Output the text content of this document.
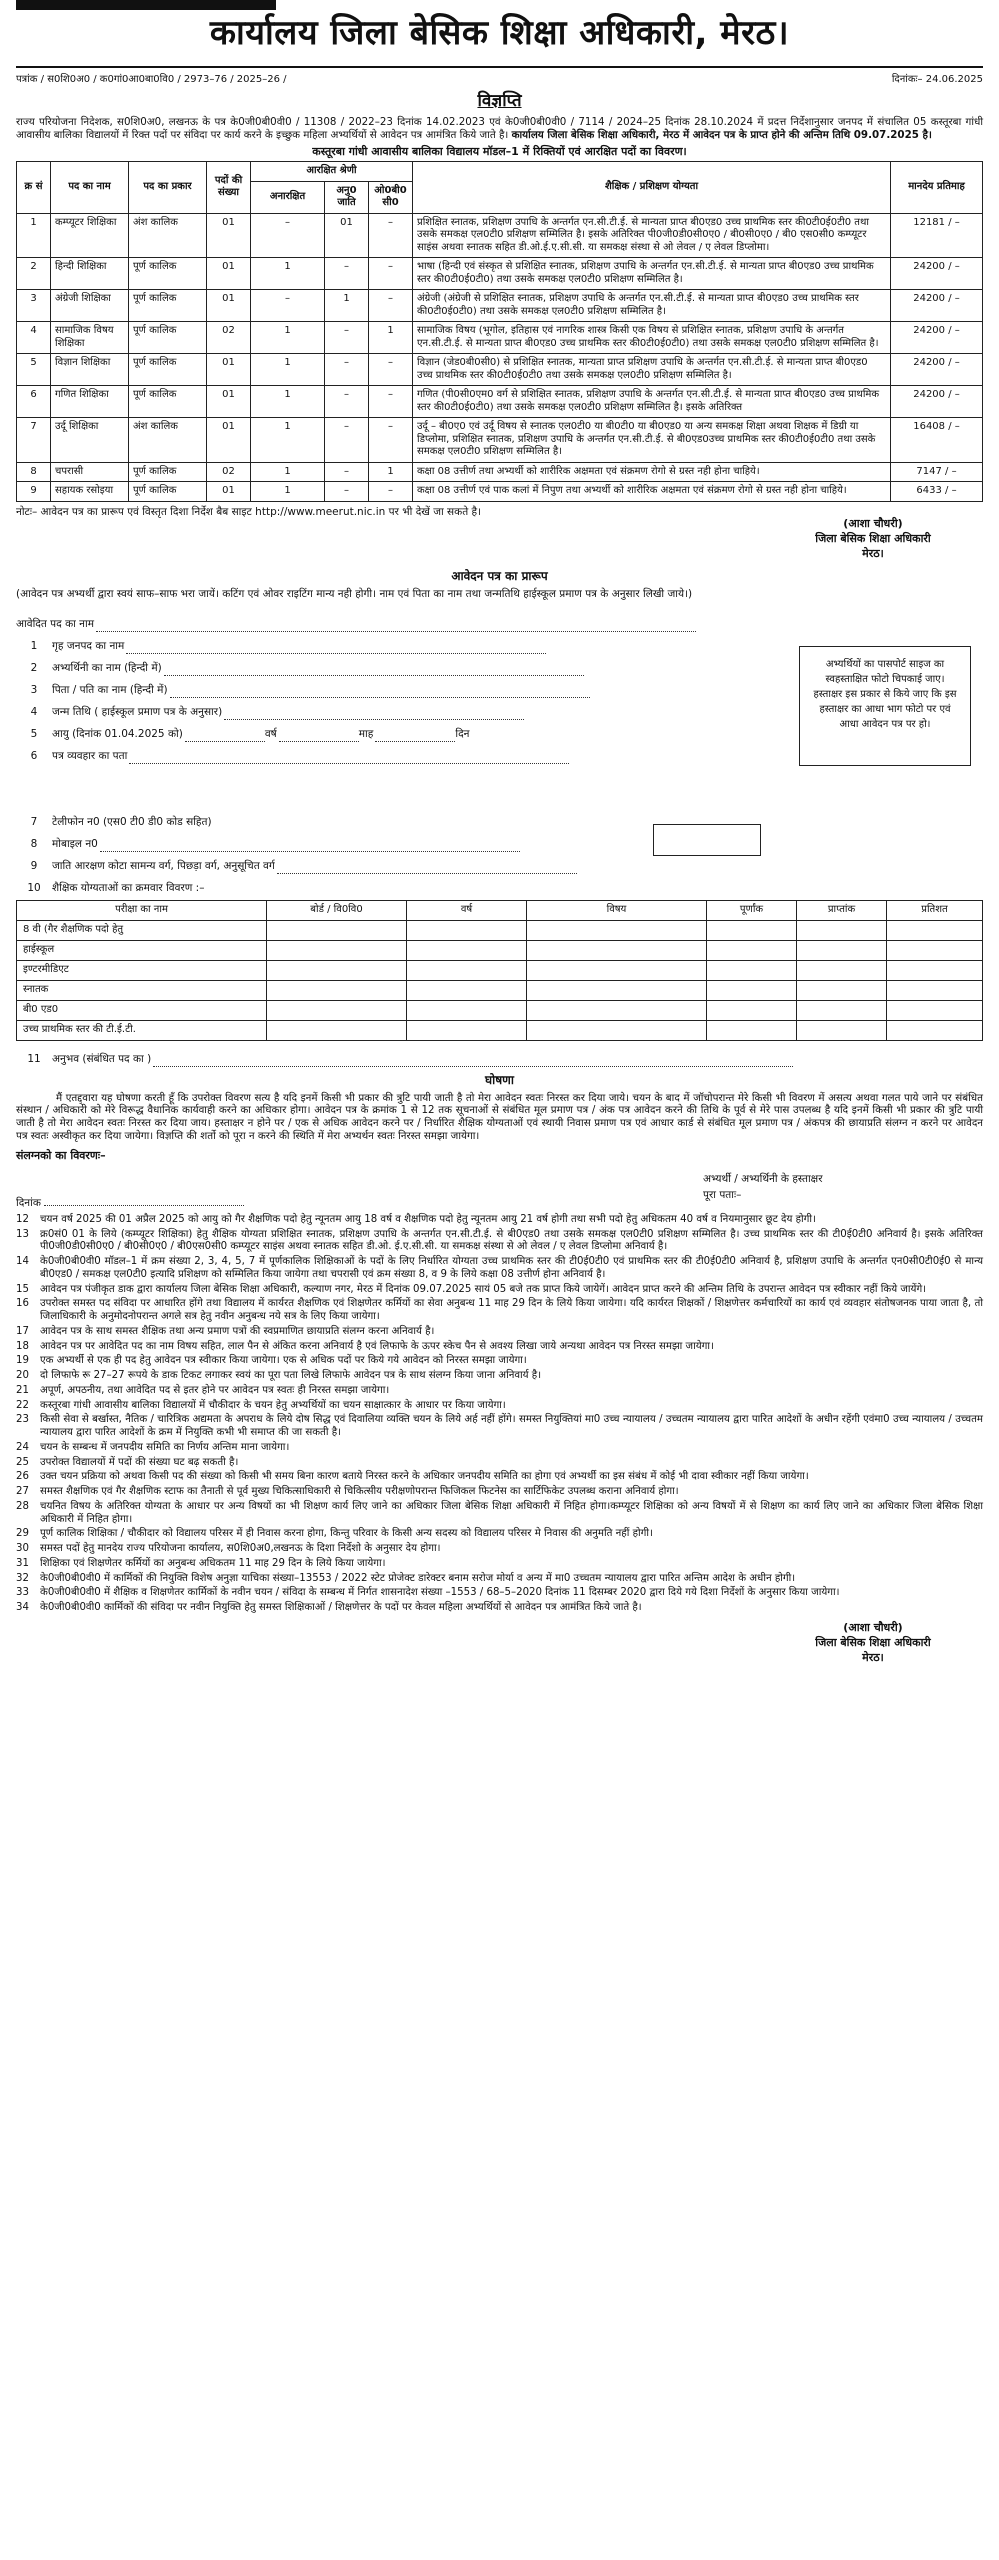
कार्यालय जिला बेसिक शिक्षा अधिकारी, मेरठ।
पत्रांक / स0शि0अ0 / क0गां0आ0बा0वि0 / 2973–76 / 2025–26 /	दिनांकः– 24.06.2025
विज्ञप्ति

राज्य परियोजना निदेशक, स0शि0अ0, लखनऊ के पत्र के0जी0बी0वी0 / 11308 / 2022–23 दिनांक 14.02.2023 एवं के0जी0बी0वी0 / 7114 / 2024–25 दिनांक 28.10.2024 में प्रदत्त निर्देशानुसार जनपद में संचालित 05 कस्तूरबा गांधी आवासीय बालिका विद्यालयों में रिक्त पदों पर संविदा पर कार्य करने के इच्छुक महिला अभ्यर्थियों से आवेदन पत्र आमंत्रित किये जाते है। कार्यालय जिला बेसिक शिक्षा अधिकारी, मेरठ में आवेदन पत्र के प्राप्त होने की अन्तिम तिथि 09.07.2025 है।

कस्तूरबा गांधी आवासीय बालिका विद्यालय मॉडल–1 में रिक्तियों एवं आरक्षित पदों का विवरण।
क्र सं	पद का नाम	पद का प्रकार	पदों की संख्या	आरक्षित श्रेणी			शैक्षिक / प्रशिक्षण योग्यता	मानदेय प्रतिमाह
				अनारक्षित	अनु0 जाति	ओ0बी0 सी0		
1	कम्प्यूटर शिक्षिका	अंश कालिक	01	–	01	–	प्रशिक्षित स्नातक, प्रशिक्षण उपाधि के अन्तर्गत एन.सी.टी.ई. से मान्यता प्राप्त बी0एड0 उच्च प्राथमिक स्तर की0टी0ई0टी0 तथा उसके समकक्ष एल0टी0 प्रशिक्षण सम्मिलित है। इसके अतिरिक्त पी0जी0डी0सी0ए0 / बी0सी0ए0 / बी0 एस0सी0 कम्प्यूटर साइंस अथवा स्नातक सहित डी.ओ.ई.ए.सी.सी. या समकक्ष संस्था से ओ लेवल / ए लेवल डिप्लोमा।	12181 / –
2	हिन्दी शिक्षिका	पूर्ण कालिक	01	1	–	–	भाषा (हिन्दी एवं संस्कृत से प्रशिक्षित स्नातक, प्रशिक्षण उपाधि के अन्तर्गत एन.सी.टी.ई. से मान्यता प्राप्त बी0एड0 उच्च प्राथमिक स्तर की0टी0ई0टी0) तथा उसके समकक्ष एल0टी0 प्रशिक्षण सम्मिलित है।	24200 / –
3	अंग्रेजी शिक्षिका	पूर्ण कालिक	01	–	1	–	अंग्रेजी (अंग्रेजी से प्रशिक्षित स्नातक, प्रशिक्षण उपाधि के अन्तर्गत एन.सी.टी.ई. से मान्यता प्राप्त बी0एड0 उच्च प्राथमिक स्तर की0टी0ई0टी0) तथा उसके समकक्ष एल0टी0 प्रशिक्षण सम्मिलित है।	24200 / –
4	सामाजिक विषय शिक्षिका	पूर्ण कालिक	02	1	–	1	सामाजिक विषय (भूगोल, इतिहास एवं नागरिक शास्त्र किसी एक विषय से प्रशिक्षित स्नातक, प्रशिक्षण उपाधि के अन्तर्गत एन.सी.टी.ई. से मान्यता प्राप्त बी0एड0 उच्च प्राथमिक स्तर की0टी0ई0टी0) तथा उसके समकक्ष एल0टी0 प्रशिक्षण सम्मिलित है।	24200 / –
5	विज्ञान शिक्षिका	पूर्ण कालिक	01	1	–	–	विज्ञान (जेड0बी0सी0) से प्रशिक्षित स्नातक, मान्यता प्राप्त प्रशिक्षण उपाधि के अन्तर्गत एन.सी.टी.ई. से मान्यता प्राप्त बी0एड0 उच्च प्राथमिक स्तर की0टी0ई0टी0 तथा उसके समकक्ष एल0टी0 प्रशिक्षण सम्मिलित है।	24200 / –
6	गणित शिक्षिका	पूर्ण कालिक	01	1	–	–	गणित (पी0सी0एम0 वर्ग से प्रशिक्षित स्नातक, प्रशिक्षण उपाधि के अन्तर्गत एन.सी.टी.ई. से मान्यता प्राप्त बी0एड0 उच्च प्राथमिक स्तर की0टी0ई0टी0) तथा उसके समकक्ष एल0टी0 प्रशिक्षण सम्मिलित है। इसके अतिरिक्त	24200 / –
7	उर्दू शिक्षिका	अंश कालिक	01	1	–	–	उर्दू – बी0ए0 एवं उर्दू विषय से स्नातक एल0टी0 या बी0टी0 या बी0एड0 या अन्य समकक्ष शिक्षा अथवा शिक्षक में डिग्री या डिप्लोमा, प्रशिक्षित स्नातक, प्रशिक्षण उपाधि के अन्तर्गत एन.सी.टी.ई. से बी0एड0उच्च प्राथमिक स्तर की0टी0ई0टी0 तथा उसके समकक्ष एल0टी0 प्रशिक्षण सम्मिलित है।	16408 / –
8	चपरासी	पूर्ण कालिक	02	1	–	1	कक्षा 08 उत्तीर्ण तथा अभ्यर्थी को शारीरिक अक्षमता एवं संक्रमण रोगो से ग्रस्त नही होना चाहिये।	7147 / –
9	सहायक रसोइया	पूर्ण कालिक	01	1	–	–	कक्षा 08 उत्तीर्ण एवं पाक कलां में निपुण तथा अभ्यर्थी को शारीरिक अक्षमता एवं संक्रमण रोगो से ग्रस्त नही होना चाहिये।	6433 / –
नोटः– आवेदन पत्र का प्रारूप एवं विस्तृत दिशा निर्देश बैब साइट http://www.meerut.nic.in पर भी देखें जा सकते है।
(आशा चौधरी)
जिला बेसिक शिक्षा अधिकारी
मेरठ।
आवेदन पत्र का प्रारूप
(आवेदन पत्र अभ्यर्थी द्वारा स्वयं साफ–साफ भरा जायें। कटिंग एवं ओवर राइटिंग मान्य नही होगी। नाम एवं पिता का नाम तथा जन्मतिथि हाईस्कूल प्रमाण पत्र के अनुसार लिखी जाये।)
आवेदित पद का नाम
1	गृह जनपद का नाम
2	अभ्यर्थिनी का नाम (हिन्दी में)
3	पिता / पति का नाम (हिन्दी में)
4	जन्म तिथि ( हाईस्कूल प्रमाण पत्र के अनुसार)
5	आयु (दिनांक 01.04.2025 को)	वर्ष	माह	दिन
6	पत्र व्यवहार का पता
7	टेलीफोन न0 (एस0 टी0 डी0 कोड सहित)
8	मोबाइल न0
9	जाति आरक्षण कोटा सामन्य वर्ग, पिछड़ा वर्ग, अनुसूचित वर्ग
10	शैक्षिक योग्यताओं का क्रमवार विवरण :–
अभ्यर्थियों का पासपोर्ट साइज का स्वहस्ताक्षित फोटो चिपकाई जाए। हस्ताक्षर इस प्रकार से किये जाए कि इस हस्ताक्षर का आधा भाग फोटो पर एवं आधा आवेदन पत्र पर हो।
परीक्षा का नाम	बोर्ड / वि0वि0	वर्ष	विषय	पूर्णांक	प्राप्तांक	प्रतिशत
8 वी (गैर शैक्षणिक पदो हेतु						
हाईस्कूल						
इण्टरमीडिएट						
स्नातक						
बी0 एड0						
उच्च प्राथमिक स्तर की टी.ई.टी.						
11	अनुभव (संबंधित पद का )
घोषणा

मैं एतद्द्वारा यह घोषणा करती हूँ कि उपरोक्त विवरण सत्य है यदि इनमें किसी भी प्रकार की त्रुटि पायी जाती है तो मेरा आवेदन स्वतः निरस्त कर दिया जाये। चयन के बाद में जॉचोपरान्त मेरे किसी भी विवरण में असत्य अथवा गलत पाये जाने पर संबंधित संस्थान / अधिकारी को मेरे विरूद्ध वैधानिक कार्यवाही करने का अधिकार होगा। आवेदन पत्र के क्रमांक 1 से 12 तक सूचनाओं से संबंधित मूल प्रमाण पत्र / अंक पत्र आवेदन करने की तिथि के पूर्व से मेरे पास उपलब्ध है यदि इनमें किसी भी प्रकार की त्रुटि पायी जाती है तो मेरा आवेदन स्वतः निरस्त कर दिया जाय। हस्ताक्षर न होने पर / एक से अधिक आवेदन करने पर / निर्धारित शैक्षिक योग्यताओं एवं स्थायी निवास प्रमाण पत्र एवं आधार कार्ड से संबंधित मूल प्रमाण पत्र / अंकपत्र की छायाप्रति संलग्न न करने पर आवेदन पत्र स्वतः अस्वीकृत कर दिया जायेगा। विज्ञप्ति की शर्तो को पूरा न करने की स्थिति में मेरा अभ्यर्थन स्वतः निरस्त समझा जायेगा।

संलग्नको का विवरणः–
दिनांक
अभ्यर्थी / अभ्यर्थिनी के हस्ताक्षर
पूरा पताः–
12	चयन वर्ष 2025 की 01 अप्रैल 2025 को आयु को गैर शैक्षणिक पदो हेतु न्यूनतम आयु 18 वर्ष व शैक्षणिक पदो हेतु न्यूनतम आयु 21 वर्ष होगी तथा सभी पदो हेतु अधिकतम 40 वर्ष व नियमानुसार छूट देय होगी।
13	क्र0सं0 01 के लिये (कम्प्यूटर शिक्षिका) हेतु शैक्षिक योग्यता प्रशिक्षित स्नातक, प्रशिक्षण उपाधि के अन्तर्गत एन.सी.टी.ई. से बी0एड0 तथा उसके समकक्ष एल0टी0 प्रशिक्षण सम्मिलित है। उच्च प्राथमिक स्तर की टी0ई0टी0 अनिवार्य है। इसके अतिरिक्त पी0जी0डी0सी0ए0 / बी0सी0ए0 / बी0एस0सी0 कम्प्यूटर साइंस अथवा स्नातक सहित डी.ओ. ई.ए.सी.सी. या समकक्ष संस्था से ओ लेवल / ए लेवल डिप्लोमा अनिवार्य है।
14	के0जी0बी0वी0 मॉडल–1 में क्रम संख्या 2, 3, 4, 5, 7 में पूर्णकालिक शिक्षिकाओं के पदों के लिए निर्धारित योग्यता उच्च प्राथमिक स्तर की टी0ई0टी0 एवं प्राथमिक स्तर की टी0ई0टी0 अनिवार्य है, प्रशिक्षण उपाधि के अन्तर्गत एन0सी0टी0ई0 से मान्य बी0एड0 / समकक्ष एल0टी0 इत्यादि प्रशिक्षण को सम्मिलित किया जायेगा तथा चपरासी एवं क्रम संख्या 8, व 9 के लिये कक्षा 08 उत्तीर्ण होना अनिवार्य है।
15	आवेदन पत्र पंजीकृत डाक द्वारा कार्यालय जिला बेसिक शिक्षा अधिकारी, कल्याण नगर, मेरठ में दिनांक 09.07.2025 सायं 05 बजे तक प्राप्त किये जायेगें। आवेदन प्राप्त करने की अन्तिम तिथि के उपरान्त आवेदन पत्र स्वीकार नहीं किये जायेंगे।
16	उपरोक्त समस्त पद संविदा पर आधारित होंगे तथा विद्यालय में कार्यरत शैक्षणिक एवं शिक्षणेतर कर्मियों का सेवा अनुबन्ध 11 माह 29 दिन के लिये किया जायेगा। यदि कार्यरत शिक्षकों / शिक्षणेत्तर कर्मचारियों का कार्य एवं व्यवहार संतोषजनक पाया जाता है, तो जिलाधिकारी के अनुमोदनोपरान्त अगले सत्र हेतु नवीन अनुबन्ध नये सत्र के लिए किया जायेगा।
17	आवेदन पत्र के साथ समस्त शैक्षिक तथा अन्य प्रमाण पत्रों की स्वप्रमाणित छायाप्रति संलग्न करना अनिवार्य है।
18	आवेदन पत्र पर आवेदित पद का नाम विषय सहित, लाल पैन से अंकित करना अनिवार्य है एवं लिफाफे के ऊपर स्केच पैन से अवश्य लिखा जाये अन्यथा आवेदन पत्र निरस्त समझा जायेगा।
19	एक अभ्यर्थी से एक ही पद हेतु आवेदन पत्र स्वीकार किया जायेगा। एक से अधिक पदों पर किये गये आवेदन को निरस्त समझा जायेगा।
20	दो लिफाफे रू 27–27 रूपये के डाक टिकट लगाकर स्वयं का पूरा पता लिखे लिफाफे आवेदन पत्र के साथ संलग्न किया जाना अनिवार्य है।
21	अपूर्ण, अपठनीय, तथा आवेदित पद से इतर होने पर आवेदन पत्र स्वतः ही निरस्त समझा जायेगा।
22	कस्तूरबा गांधी आवासीय बालिका विद्यालयों में चौकीदार के चयन हेतु अभ्यर्थियों का चयन साक्षात्कार के आधार पर किया जायेगा।
23	किसी सेवा से बर्खास्त, नैतिक / चारित्रिक अद्यमता के अपराध के लिये दोष सिद्ध एवं दिवालिया व्यक्ति चयन के लिये अर्ह नहीं होंगे। समस्त नियुक्तियां मा0 उच्च न्यायालय / उच्चतम न्यायालय द्वारा पारित आदेशों के अधीन रहेंगी एवंमा0 उच्च न्यायालय / उच्चतम न्यायालय द्वारा पारित आदेशों के क्रम में नियुक्ति कभी भी समाप्त की जा सकती है।
24	चयन के सम्बन्ध में जनपदीय समिति का निर्णय अन्तिम माना जायेगा।
25	उपरोक्त विद्यालयों में पदों की संख्या घट बढ़ सकती है।
26	उक्त चयन प्रक्रिया को अथवा किसी पद की संख्या को किसी भी समय बिना कारण बताये निरस्त करने के अधिकार जनपदीय समिति का होगा एवं अभ्यर्थी का इस संबंध में कोई भी दावा स्वीकार नहीं किया जायेगा।
27	समस्त शैक्षणिक एवं गैर शैक्षणिक स्टाफ का तैनाती से पूर्व मुख्य चिकित्साधिकारी से चिकित्सीय परीक्षणोपरान्त फिजिकल फिटनेस का सार्टिफिकेट उपलब्ध कराना अनिवार्य होगा।
28	चयनित विषय के अतिरिक्त योग्यता के आधार पर अन्य विषयों का भी शिक्षण कार्य लिए जाने का अधिकार जिला बेसिक शिक्षा अधिकारी में निहित होगा।कम्प्यूटर शिक्षिका को अन्य विषयों में से शिक्षण का कार्य लिए जाने का अधिकार जिला बेसिक शिक्षा अधिकारी में निहित होगा।
29	पूर्ण कालिक शिक्षिका / चौकीदार को विद्यालय परिसर में ही निवास करना होगा, किन्तु परिवार के किसी अन्य सदस्य को विद्यालय परिसर मे निवास की अनुमति नहीं होगी।
30	समस्त पदों हेतु मानदेय राज्य परियोजना कार्यालय, स0शि0अ0,लखनऊ के दिशा निर्देशो के अनुसार देय होगा।
31	शिक्षिका एवं शिक्षणेतर कर्मियों का अनुबन्ध अधिकतम 11 माह 29 दिन के लिये किया जायेगा।
32	के0जी0बी0वी0 में कार्मिकों की नियुक्ति विशेष अनुज्ञा याचिका संख्या–13553 / 2022 स्टेट प्रोजेक्ट डारेक्टर बनाम सरोज मोर्या व अन्य में मा0 उच्चतम न्यायालय द्वारा पारित अन्तिम आदेश के अधीन होगी।
33	के0जी0बी0वी0 में शैक्षिक व शिक्षणेतर कार्मिकों के नवीन चयन / संविदा के सम्बन्ध में निर्गत शासनादेश संख्या –1553 / 68–5–2020 दिनांक 11 दिसम्बर 2020 द्वारा दिये गये दिशा निर्देशों के अनुसार किया जायेगा।
34	के0जी0बी0वी0 कार्मिकों की संविदा पर नवीन नियुक्ति हेतु समस्त शिक्षिकाओं / शिक्षणेत्तर के पदों पर केवल महिला अभ्यर्थियों से आवेदन पत्र आमंत्रित किये जाते है।
(आशा चौधरी)
जिला बेसिक शिक्षा अधिकारी
मेरठ।
